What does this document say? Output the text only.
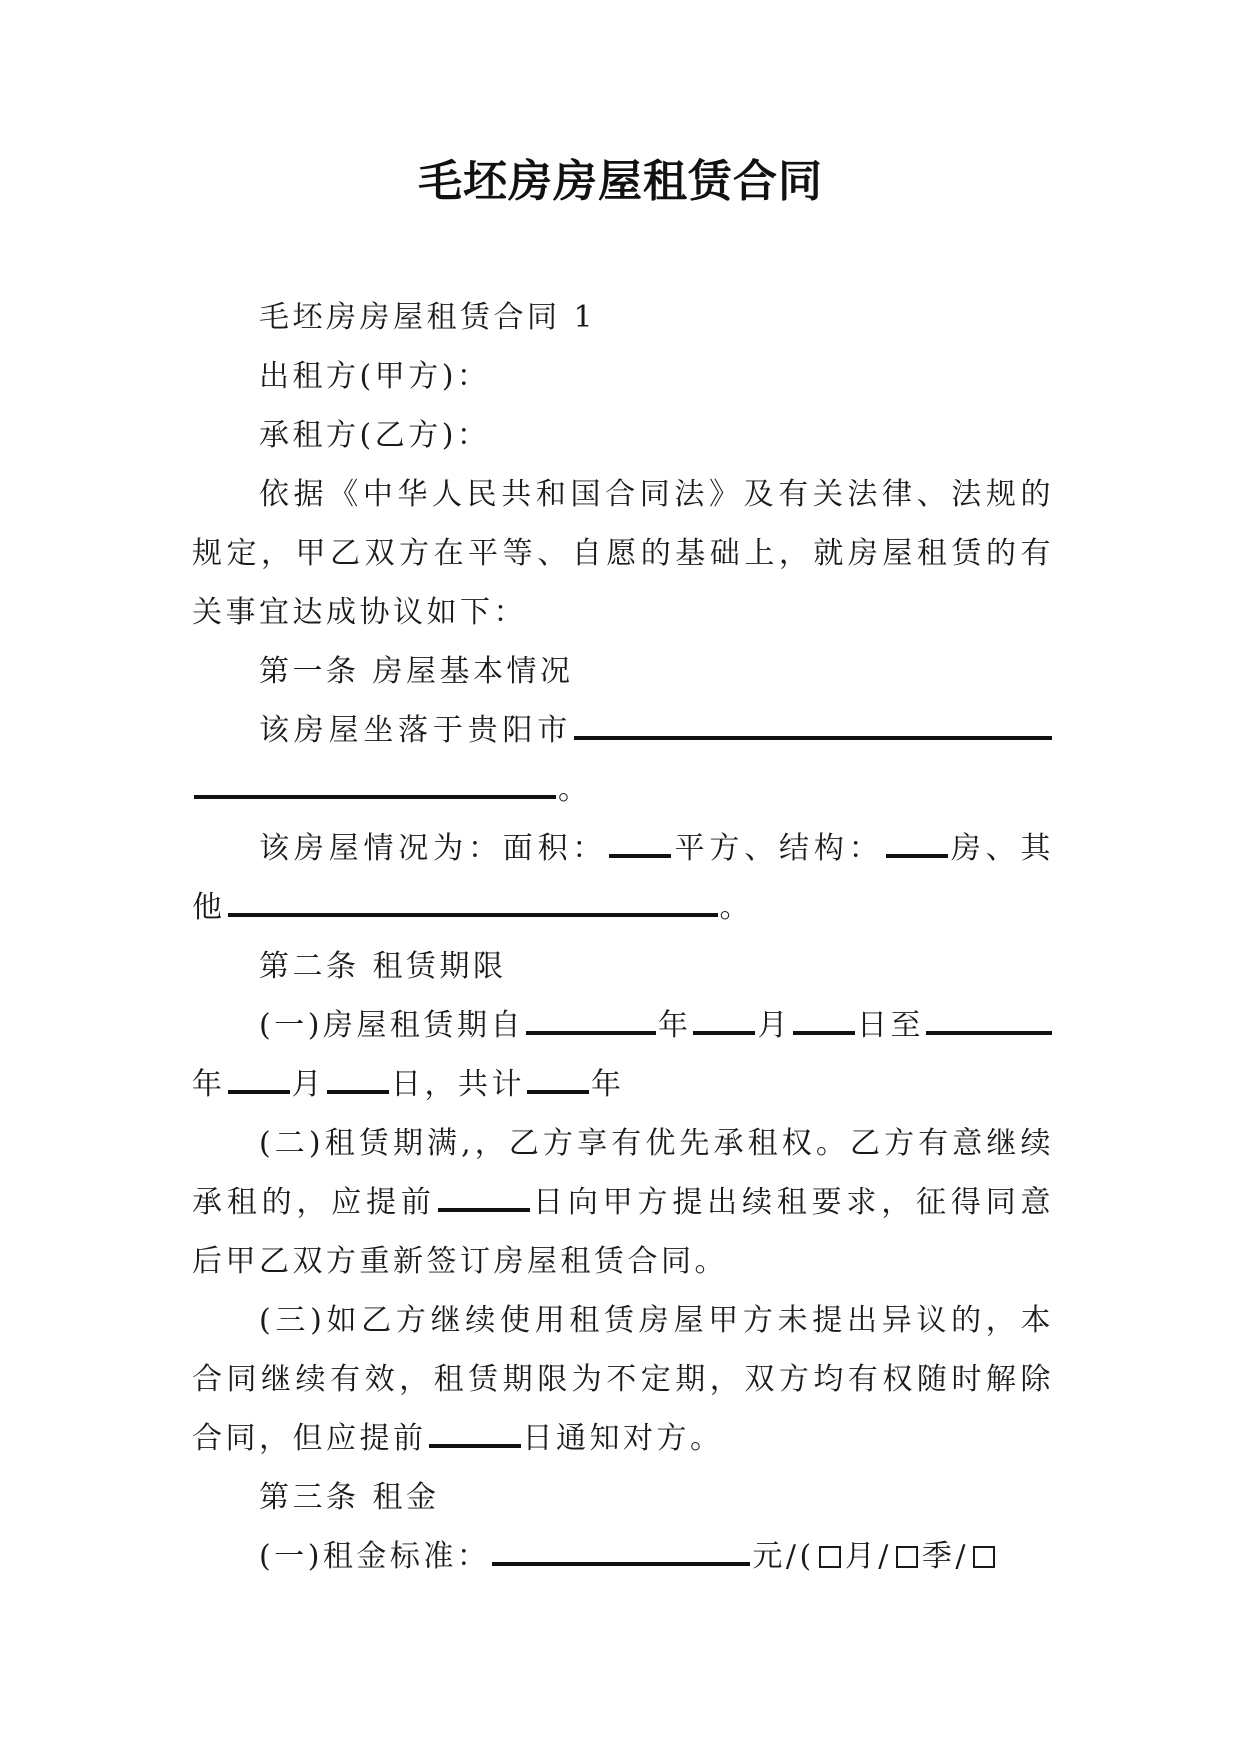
毛坯房房屋租赁合同

毛坯房房屋租赁合同 1

出租方(甲方)：

承租方(乙方)：

依据《中华人民共和国合同法》及有关法律、法规的规定，甲乙双方在平等、自愿的基础上，就房屋租赁的有关事宜达成协议如下：

第一条 房屋基本情况

该房屋坐落于贵阳市。

该房屋情况为：面积： 平方、结构： 房、其他	。

第二条 租赁期限

(一)房屋租赁期自	年 月 日至年 月 日，共计 年

(二)租赁期满,，乙方享有优先承租权。乙方有意继续承租的，应提前	日向甲方提出续租要求，征得同意后甲乙双方重新签订房屋租赁合同。

(三)如乙方继续使用租赁房屋甲方未提出异议的，本合同继续有效，租赁期限为不定期，双方均有权随时解除合同，但应提前	日通知对方。

第三条 租金

(一)租金标准：	元/( 月/ 季/
